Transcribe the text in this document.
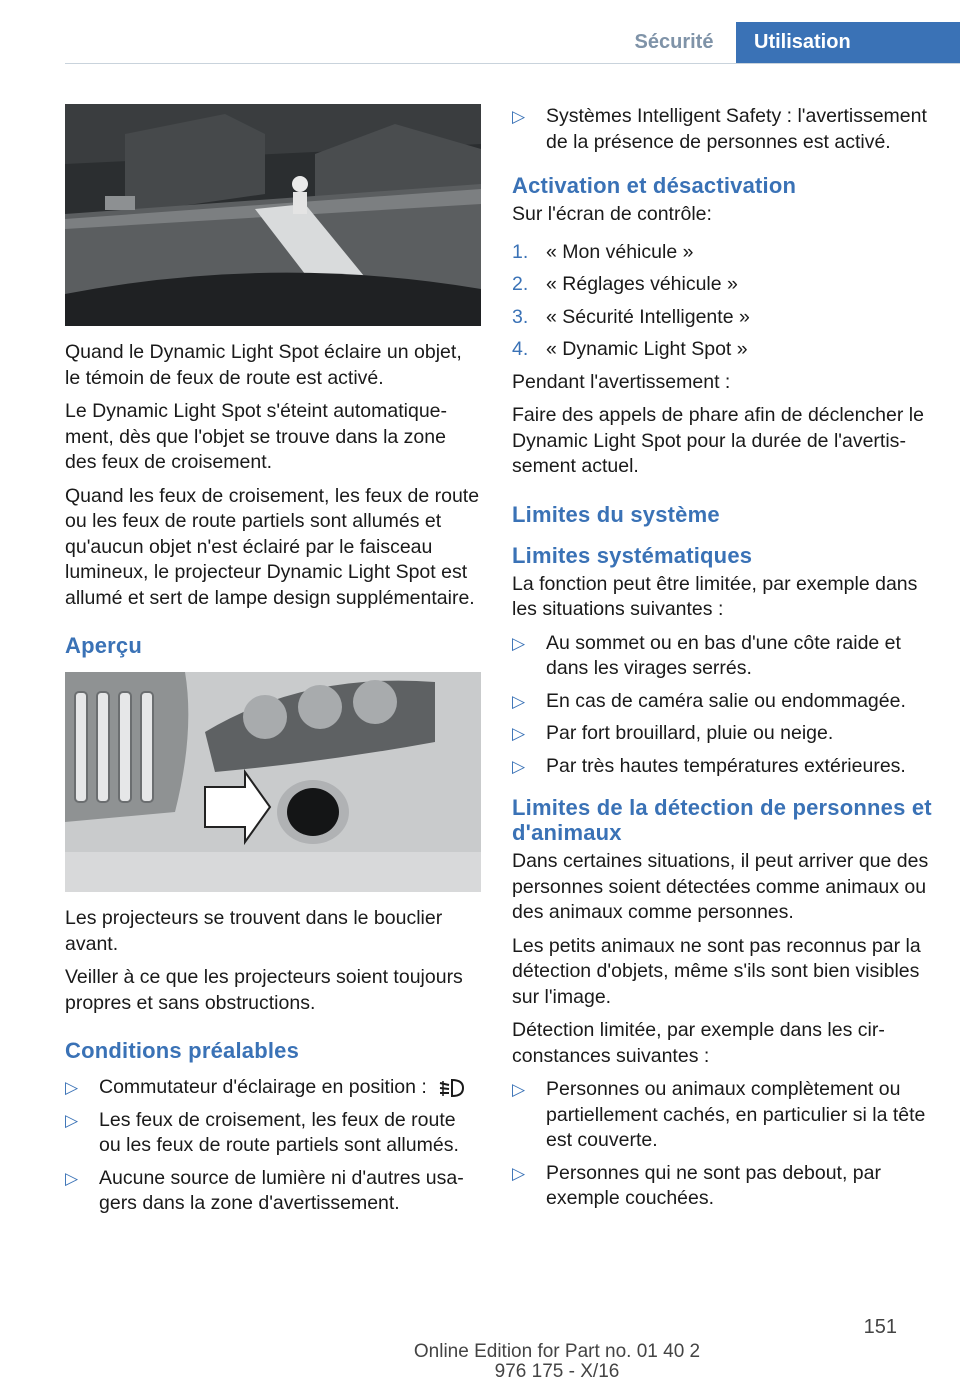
Sécurité	Utilisation

Quand le Dynamic Light Spot éclaire un objet, le témoin de feux de route est activé.

Le Dynamic Light Spot s'éteint automatiquement, dès que l'objet se trouve dans la zone des feux de croisement.

Quand les feux de croisement, les feux de route ou les feux de route partiels sont allumés et qu'aucun objet n'est éclairé par le faisceau lumineux, le projecteur Dynamic Light Spot est allumé et sert de lampe design supplémentaire.

Aperçu

Les projecteurs se trouvent dans le bouclier avant.

Veiller à ce que les projecteurs soient toujours propres et sans obstructions.

Conditions préalables
▷ Commutateur d'éclairage en position :
▷ Les feux de croisement, les feux de route ou les feux de route partiels sont allumés.
▷ Aucune source de lumière ni d'autres usagers dans la zone d'avertissement.
▷ Systèmes Intelligent Safety : l'avertissement de la présence de personnes est activé.
Activation et désactivation

Sur l'écran de contrôle:

1. « Mon véhicule »
2. « Réglages véhicule »
3. « Sécurité Intelligente »
4. « Dynamic Light Spot »

Pendant l'avertissement :

Faire des appels de phare afin de déclencher le Dynamic Light Spot pour la durée de l'avertissement actuel.

Limites du système
Limites systématiques

La fonction peut être limitée, par exemple dans les situations suivantes :

▷ Au sommet ou en bas d'une côte raide et dans les virages serrés.
▷ En cas de caméra salie ou endommagée.
▷ Par fort brouillard, pluie ou neige.
▷ Par très hautes températures extérieures.
Limites de la détection de personnes et d'animaux

Dans certaines situations, il peut arriver que des personnes soient détectées comme animaux ou des animaux comme personnes.

Les petits animaux ne sont pas reconnus par la détection d'objets, même s'ils sont bien visibles sur l'image.

Détection limitée, par exemple dans les circonstances suivantes :

▷ Personnes ou animaux complètement ou partiellement cachés, en particulier si la tête est couverte.
▷ Personnes qui ne sont pas debout, par exemple couchées.
151
Online Edition for Part no. 01 40 2 976 175 - X/16
